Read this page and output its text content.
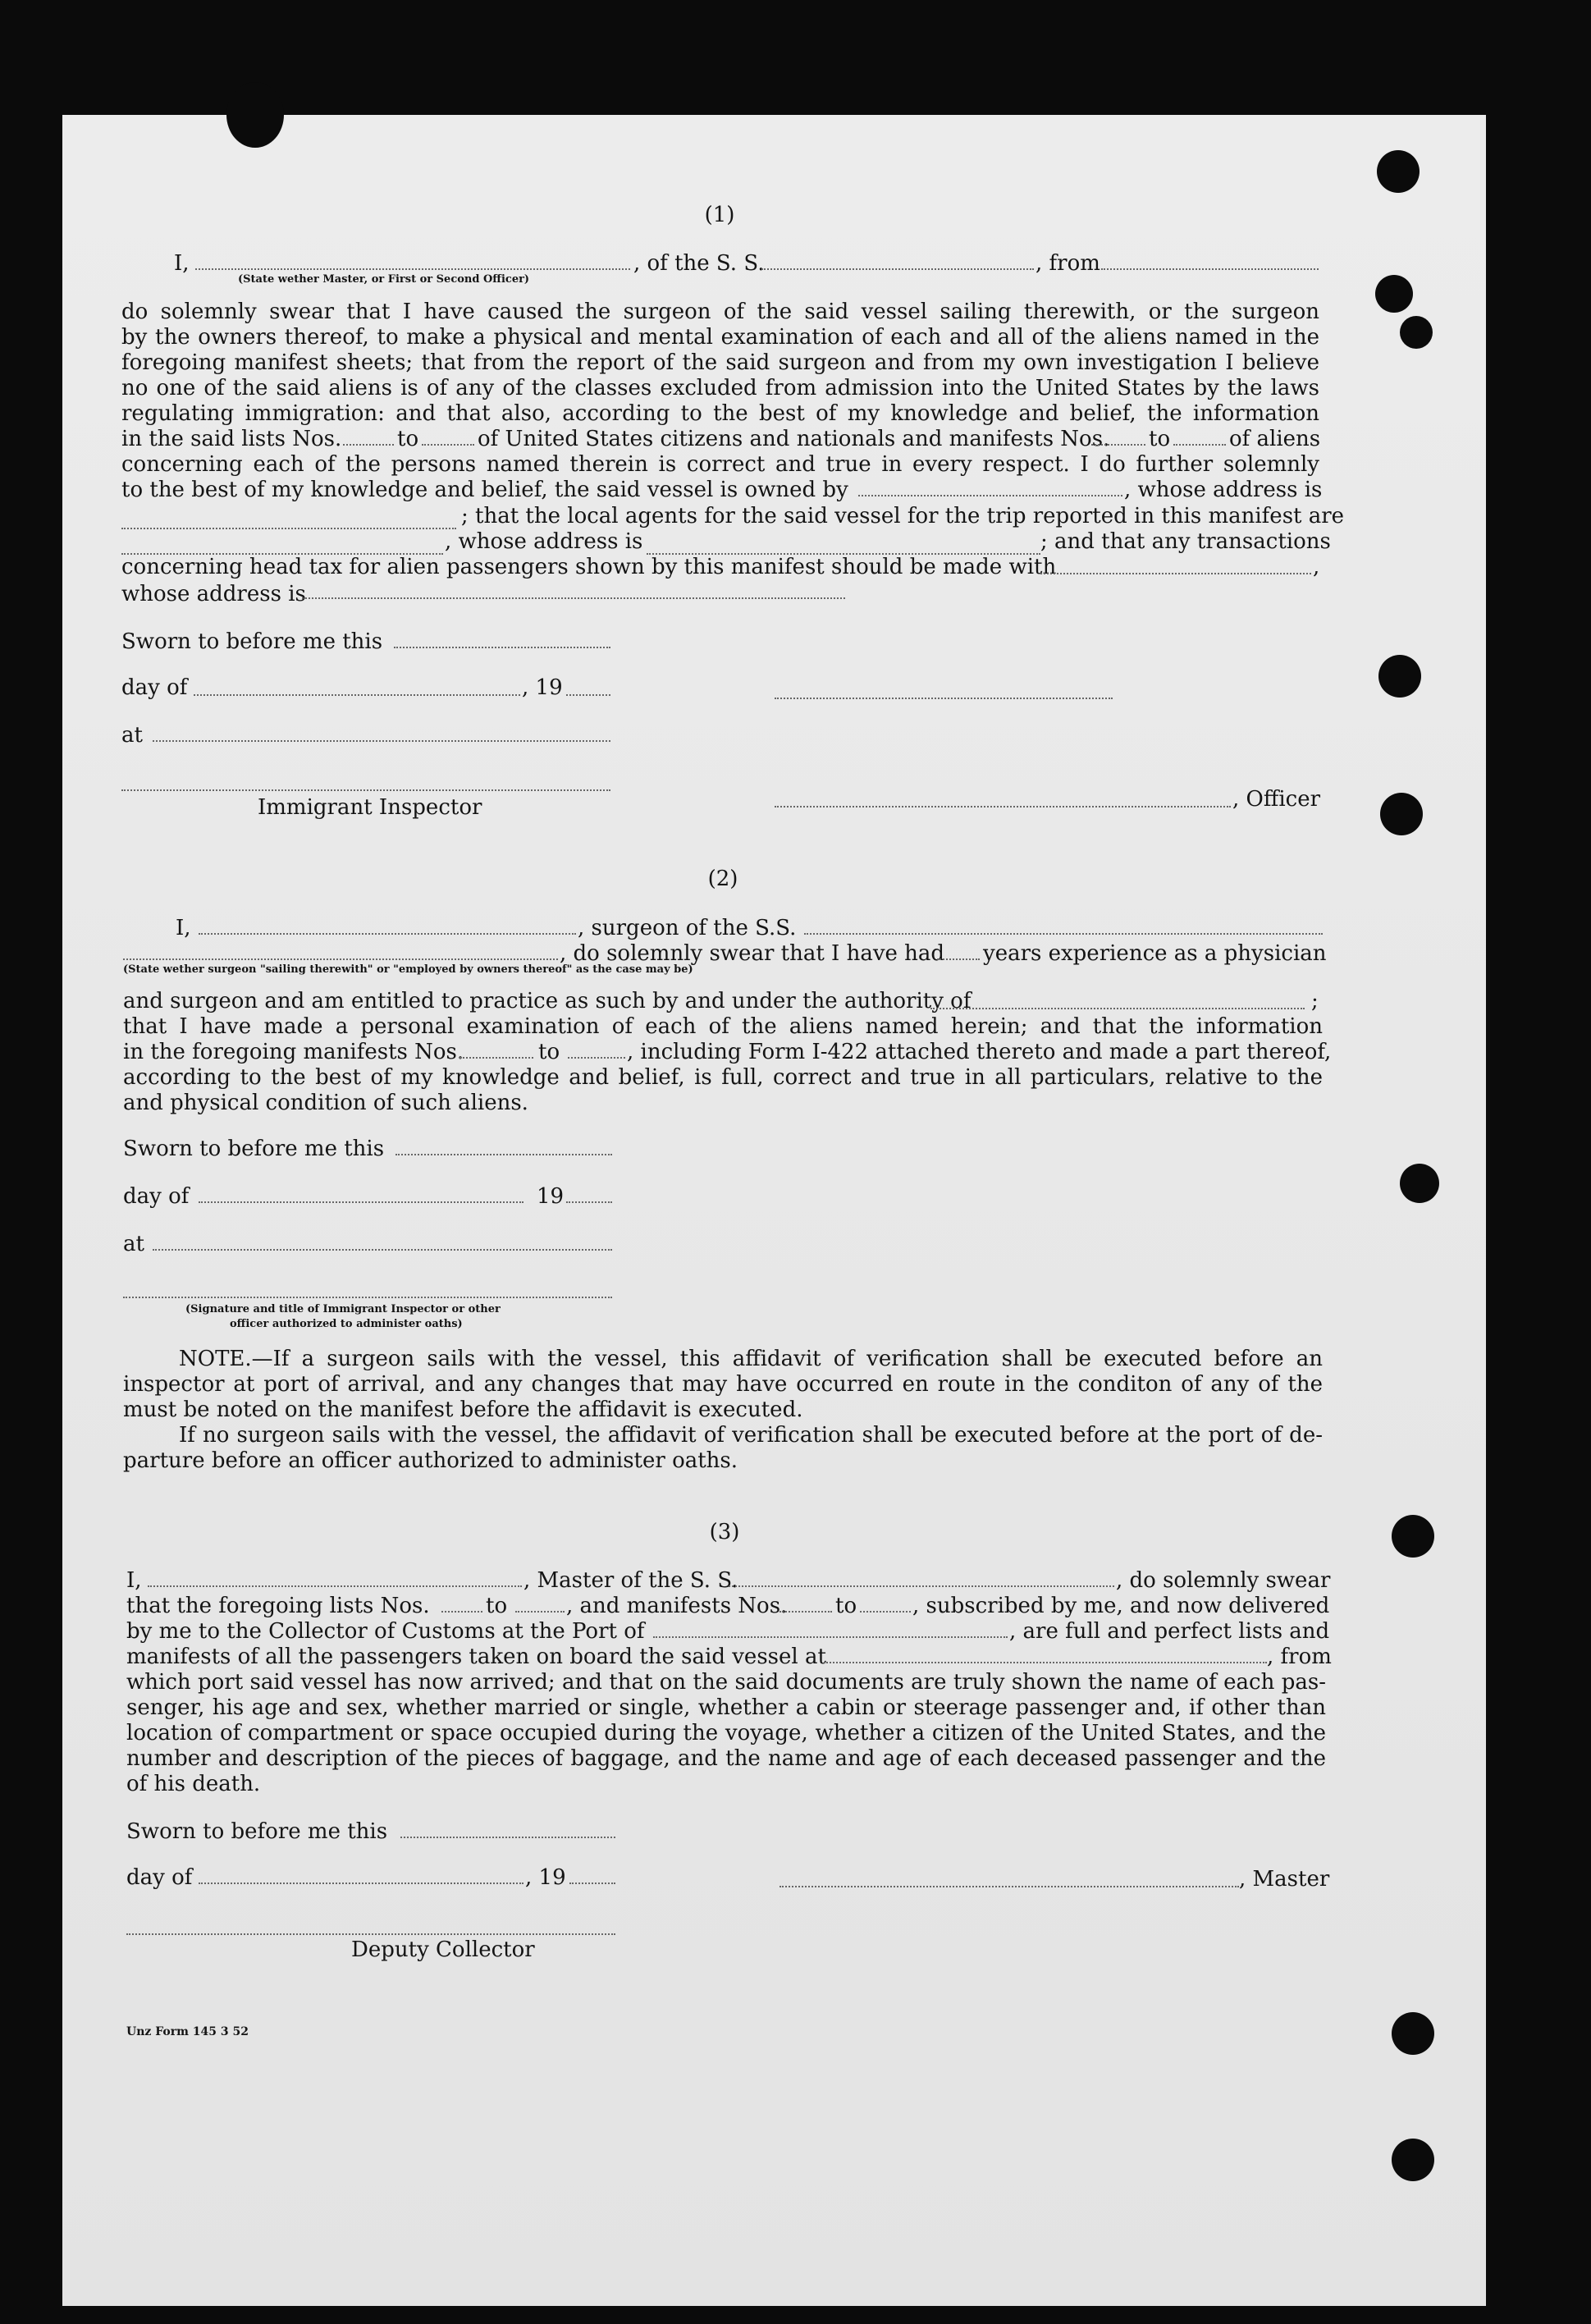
(1)
I,	, of the S. S.	, from
(State wether Master, or First or Second Officer)
do solemnly swear that I have caused the surgeon of the said vessel sailing therewith, or the surgeon
by the owners thereof, to make a physical and mental examination of each and all of the aliens named in the
foregoing manifest sheets; that from the report of the said surgeon and from my own investigation I believe
no one of the said aliens is of any of the classes excluded from admission into the United States by the laws
regulating immigration: and that also, according to the best of my knowledge and belief, the information
in the said lists Nos.	to	of United States citizens and nationals and manifests Nos. to	of aliens
concerning each of the persons named therein is correct and true in every respect. I do further solemnly
to the best of my knowledge and belief, the said vessel is owned by	, whose address is
; that the local agents for the said vessel for the trip reported in this manifest are
, whose address is	; and that any transactions
concerning head tax for alien passengers shown by this manifest should be made with	,
whose address is
Sworn to before me this
day of	, 19
at
Immigrant Inspector	, Officer
(2)
I,	, surgeon of the S.S.
, do solemnly swear that I have had years experience as a physician
(State wether surgeon "sailing therewith" or "employed by owners thereof" as the case may be)
and surgeon and am entitled to practice as such by and under the authority of	;
that I have made a personal examination of each of the aliens named herein; and that the information
in the foregoing manifests Nos.	to	, including Form I-422 attached thereto and made a part thereof,
according to the best of my knowledge and belief, is full, correct and true in all particulars, relative to the
and physical condition of such aliens.
Sworn to before me this
day of	19
at
(Signature and title of Immigrant Inspector or other
officer authorized to administer oaths)
NOTE.—If a surgeon sails with the vessel, this affidavit of verification shall be executed before an
inspector at port of arrival, and any changes that may have occurred en route in the conditon of any of the
must be noted on the manifest before the affidavit is executed.
If no surgeon sails with the vessel, the affidavit of verification shall be executed before at the port of de-
parture before an officer authorized to administer oaths.
(3)
I,	, Master of the S. S.	, do solemnly swear
that the foregoing lists Nos.	to	, and manifests Nos. to	, subscribed by me, and now delivered
by me to the Collector of Customs at the Port of	, are full and perfect lists and
manifests of all the passengers taken on board the said vessel at	, from
which port said vessel has now arrived; and that on the said documents are truly shown the name of each pas-
senger, his age and sex, whether married or single, whether a cabin or steerage passenger and, if other than
location of compartment or space occupied during the voyage, whether a citizen of the United States, and the
number and description of the pieces of baggage, and the name and age of each deceased passenger and the
of his death.
Sworn to before me this
day of	, 19	, Master
Deputy Collector
Unz Form 145 3 52
